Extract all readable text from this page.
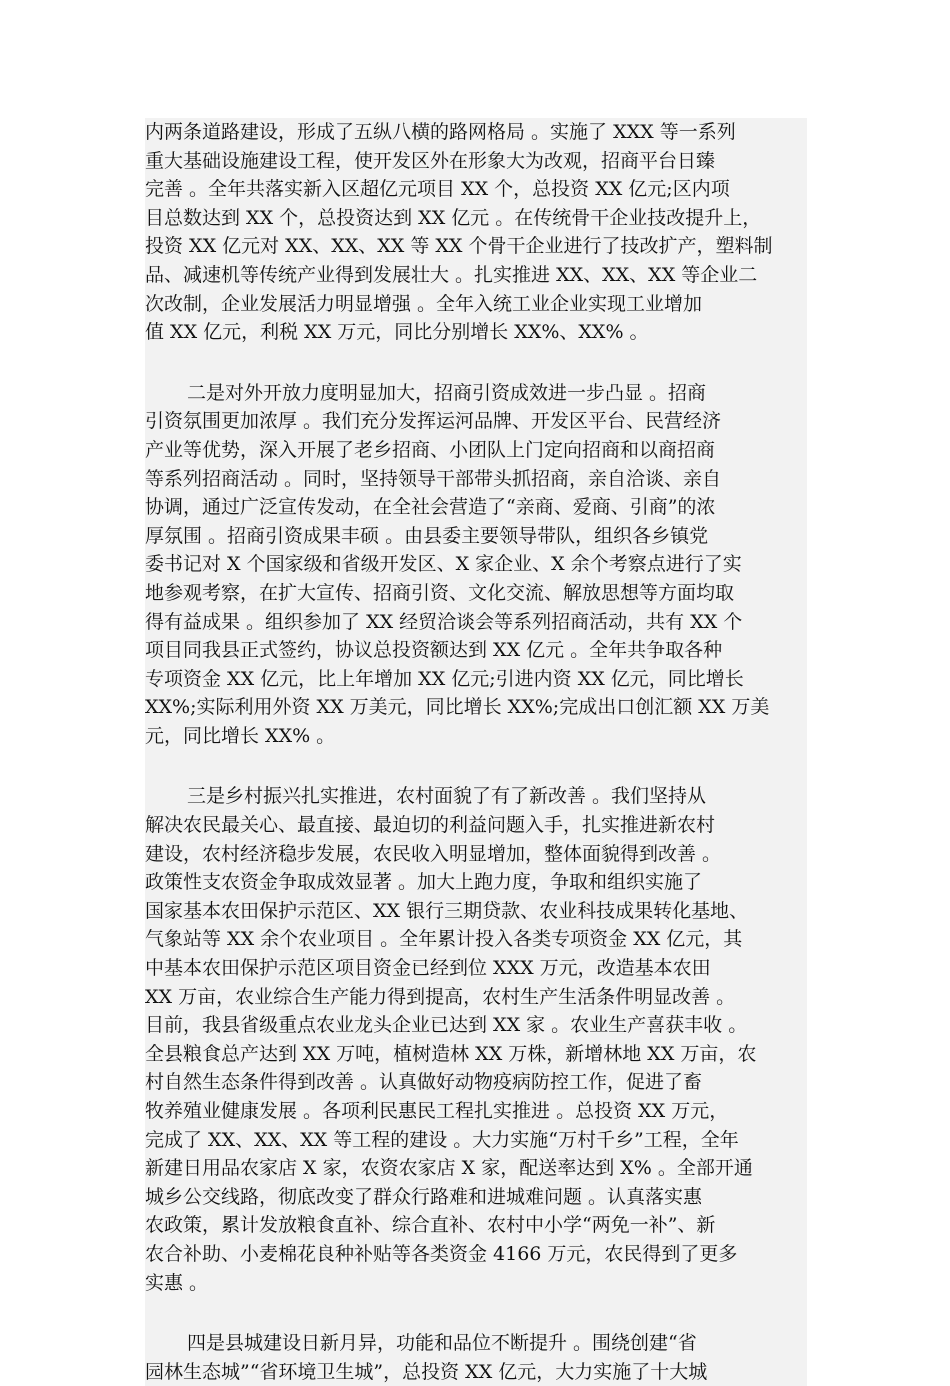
内两条道路建设，形成了五纵八横的路网格局 。实施了 XXX 等一系列
重大基础设施建设工程，使开发区外在形象大为改观，招商平台日臻
完善 。全年共落实新入区超亿元项目 XX 个，总投资 XX 亿元;区内项
目总数达到 XX 个，总投资达到 XX 亿元 。在传统骨干企业技改提升上，
投资 XX 亿元对 XX、XX、XX 等 XX 个骨干企业进行了技改扩产，塑料制
品、减速机等传统产业得到发展壮大 。扎实推进 XX、XX、XX 等企业二
次改制，企业发展活力明显增强 。全年入统工业企业实现工业增加
值 XX 亿元，利税 XX 万元，同比分别增长 XX%、XX% 。
二是对外开放力度明显加大，招商引资成效进一步凸显 。招商
引资氛围更加浓厚 。我们充分发挥运河品牌、开发区平台、民营经济
产业等优势，深入开展了老乡招商、小团队上门定向招商和以商招商
等系列招商活动 。同时，坚持领导干部带头抓招商，亲自洽谈、亲自
协调，通过广泛宣传发动，在全社会营造了“亲商、爱商、引商”的浓
厚氛围 。招商引资成果丰硕 。由县委主要领导带队，组织各乡镇党
委书记对 X 个国家级和省级开发区、X 家企业、X 余个考察点进行了实
地参观考察，在扩大宣传、招商引资、文化交流、解放思想等方面均取
得有益成果 。组织参加了 XX 经贸洽谈会等系列招商活动，共有 XX 个
项目同我县正式签约，协议总投资额达到 XX 亿元 。全年共争取各种
专项资金 XX 亿元，比上年增加 XX 亿元;引进内资 XX 亿元，同比增长
XX%;实际利用外资 XX 万美元，同比增长 XX%;完成出口创汇额 XX 万美
元，同比增长 XX% 。
三是乡村振兴扎实推进，农村面貌了有了新改善 。我们坚持从
解决农民最关心、最直接、最迫切的利益问题入手，扎实推进新农村
建设，农村经济稳步发展，农民收入明显增加，整体面貌得到改善 。
政策性支农资金争取成效显著 。加大上跑力度，争取和组织实施了
国家基本农田保护示范区、XX 银行三期贷款、农业科技成果转化基地、
气象站等 XX 余个农业项目 。全年累计投入各类专项资金 XX 亿元，其
中基本农田保护示范区项目资金已经到位 XXX 万元，改造基本农田
XX 万亩，农业综合生产能力得到提高，农村生产生活条件明显改善 。
目前，我县省级重点农业龙头企业已达到 XX 家 。农业生产喜获丰收 。
全县粮食总产达到 XX 万吨，植树造林 XX 万株，新增林地 XX 万亩，农
村自然生态条件得到改善 。认真做好动物疫病防控工作，促进了畜
牧养殖业健康发展 。各项利民惠民工程扎实推进 。总投资 XX 万元，
完成了 XX、XX、XX 等工程的建设 。大力实施“万村千乡”工程，全年
新建日用品农家店 X 家，农资农家店 X 家，配送率达到 X% 。全部开通
城乡公交线路，彻底改变了群众行路难和进城难问题 。认真落实惠
农政策，累计发放粮食直补、综合直补、农村中小学“两免一补”、新
农合补助、小麦棉花良种补贴等各类资金 4166 万元，农民得到了更多
实惠 。
四是县城建设日新月异，功能和品位不断提升 。围绕创建“省
园林生态城”“省环境卫生城”，总投资 XX 亿元，大力实施了十大城
